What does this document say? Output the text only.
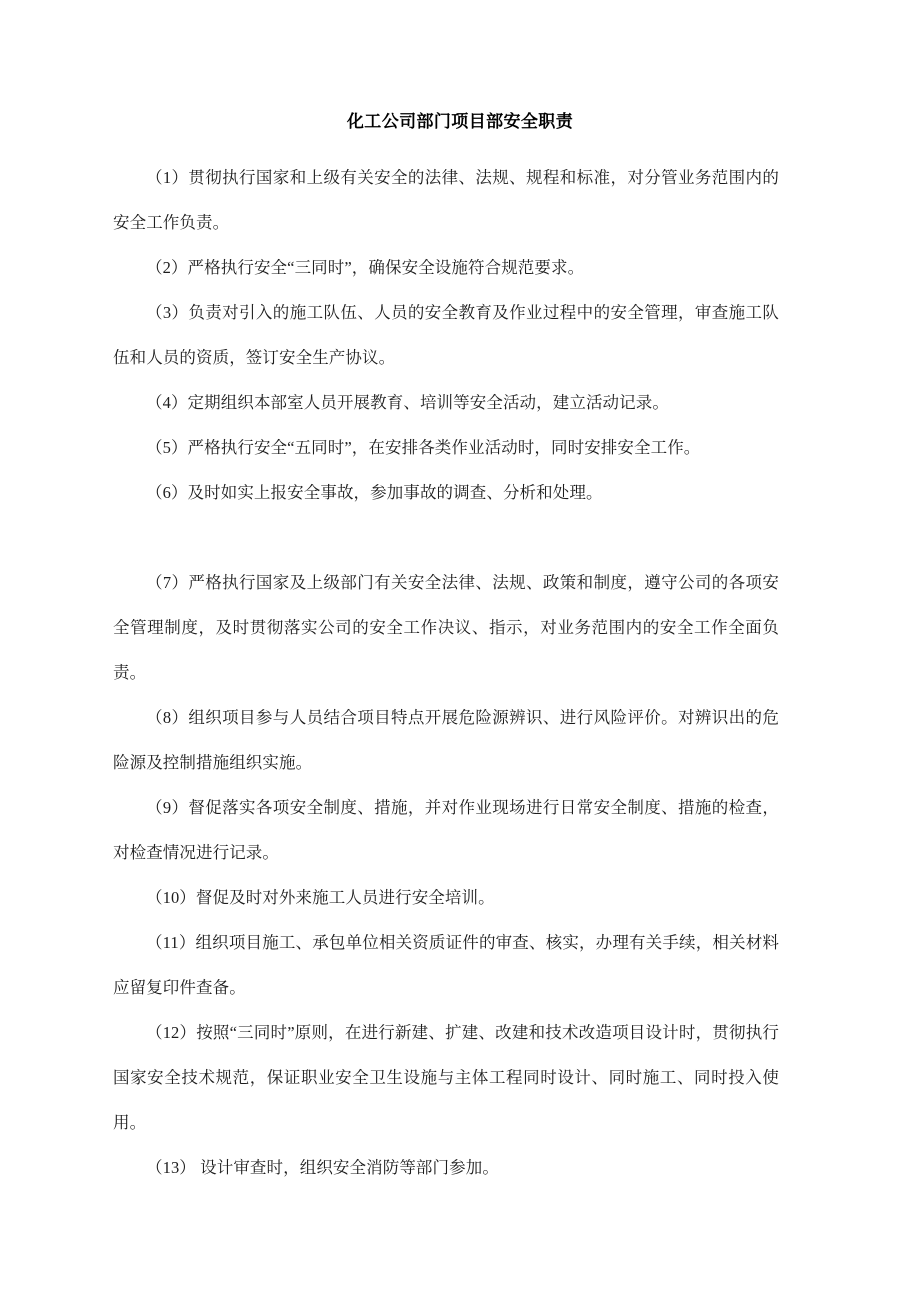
化工公司部门项目部安全职责

（1）贯彻执行国家和上级有关安全的法律、法规、规程和标准，对分管业务范围内的安全工作负责。

（2）严格执行安全“三同时”，确保安全设施符合规范要求。

（3）负责对引入的施工队伍、人员的安全教育及作业过程中的安全管理，审查施工队伍和人员的资质，签订安全生产协议。

（4）定期组织本部室人员开展教育、培训等安全活动，建立活动记录。

（5）严格执行安全“五同时”，在安排各类作业活动时，同时安排安全工作。

（6）及时如实上报安全事故，参加事故的调查、分析和处理。

（7）严格执行国家及上级部门有关安全法律、法规、政策和制度，遵守公司的各项安全管理制度，及时贯彻落实公司的安全工作决议、指示，对业务范围内的安全工作全面负责。

（8）组织项目参与人员结合项目特点开展危险源辨识、进行风险评价。对辨识出的危险源及控制措施组织实施。

（9）督促落实各项安全制度、措施，并对作业现场进行日常安全制度、措施的检查，对检查情况进行记录。

（10）督促及时对外来施工人员进行安全培训。

（11）组织项目施工、承包单位相关资质证件的审查、核实，办理有关手续，相关材料应留复印件查备。

（12）按照“三同时”原则，在进行新建、扩建、改建和技术改造项目设计时，贯彻执行国家安全技术规范，保证职业安全卫生设施与主体工程同时设计、同时施工、同时投入使用。

（13） 设计审查时，组织安全消防等部门参加。
